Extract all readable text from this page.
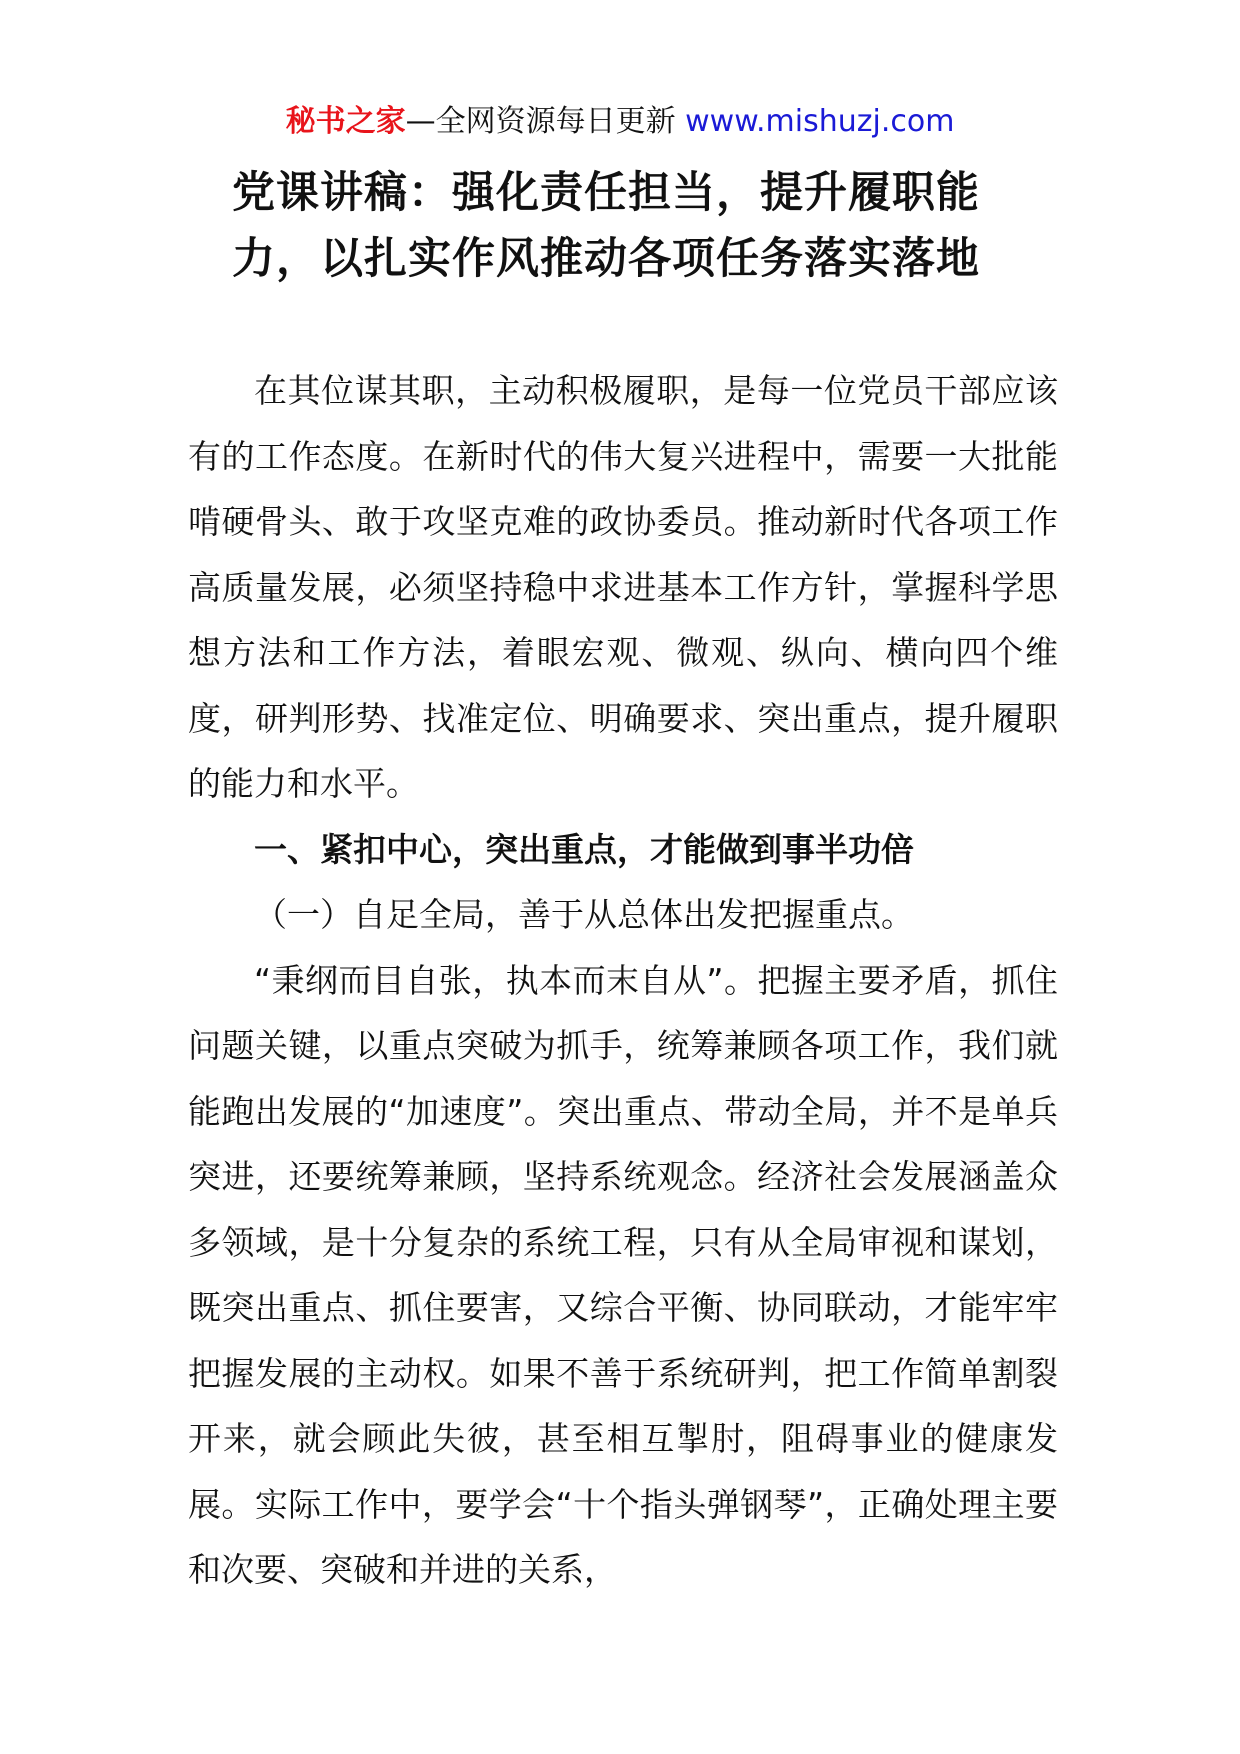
秘书之家—全网资源每日更新 www.mishuzj.com
党课讲稿：强化责任担当，提升履职能力，以扎实作风推动各项任务落实落地

在其位谋其职，主动积极履职，是每一位党员干部应该有的工作态度。在新时代的伟大复兴进程中，需要一大批能啃硬骨头、敢于攻坚克难的政协委员。推动新时代各项工作高质量发展，必须坚持稳中求进基本工作方针，掌握科学思想方法和工作方法，着眼宏观、微观、纵向、横向四个维度，研判形势、找准定位、明确要求、突出重点，提升履职的能力和水平。

一、紧扣中心，突出重点，才能做到事半功倍

（一）自足全局，善于从总体出发把握重点。

“秉纲而目自张，执本而末自从”。把握主要矛盾，抓住问题关键，以重点突破为抓手，统筹兼顾各项工作，我们就能跑出发展的“加速度”。突出重点、带动全局，并不是单兵突进，还要统筹兼顾，坚持系统观念。经济社会发展涵盖众多领域，是十分复杂的系统工程，只有从全局审视和谋划，既突出重点、抓住要害，又综合平衡、协同联动，才能牢牢把握发展的主动权。如果不善于系统研判，把工作简单割裂开来，就会顾此失彼，甚至相互掣肘，阻碍事业的健康发展。实际工作中，要学会“十个指头弹钢琴”，正确处理主要和次要、突破和并进的关系，
